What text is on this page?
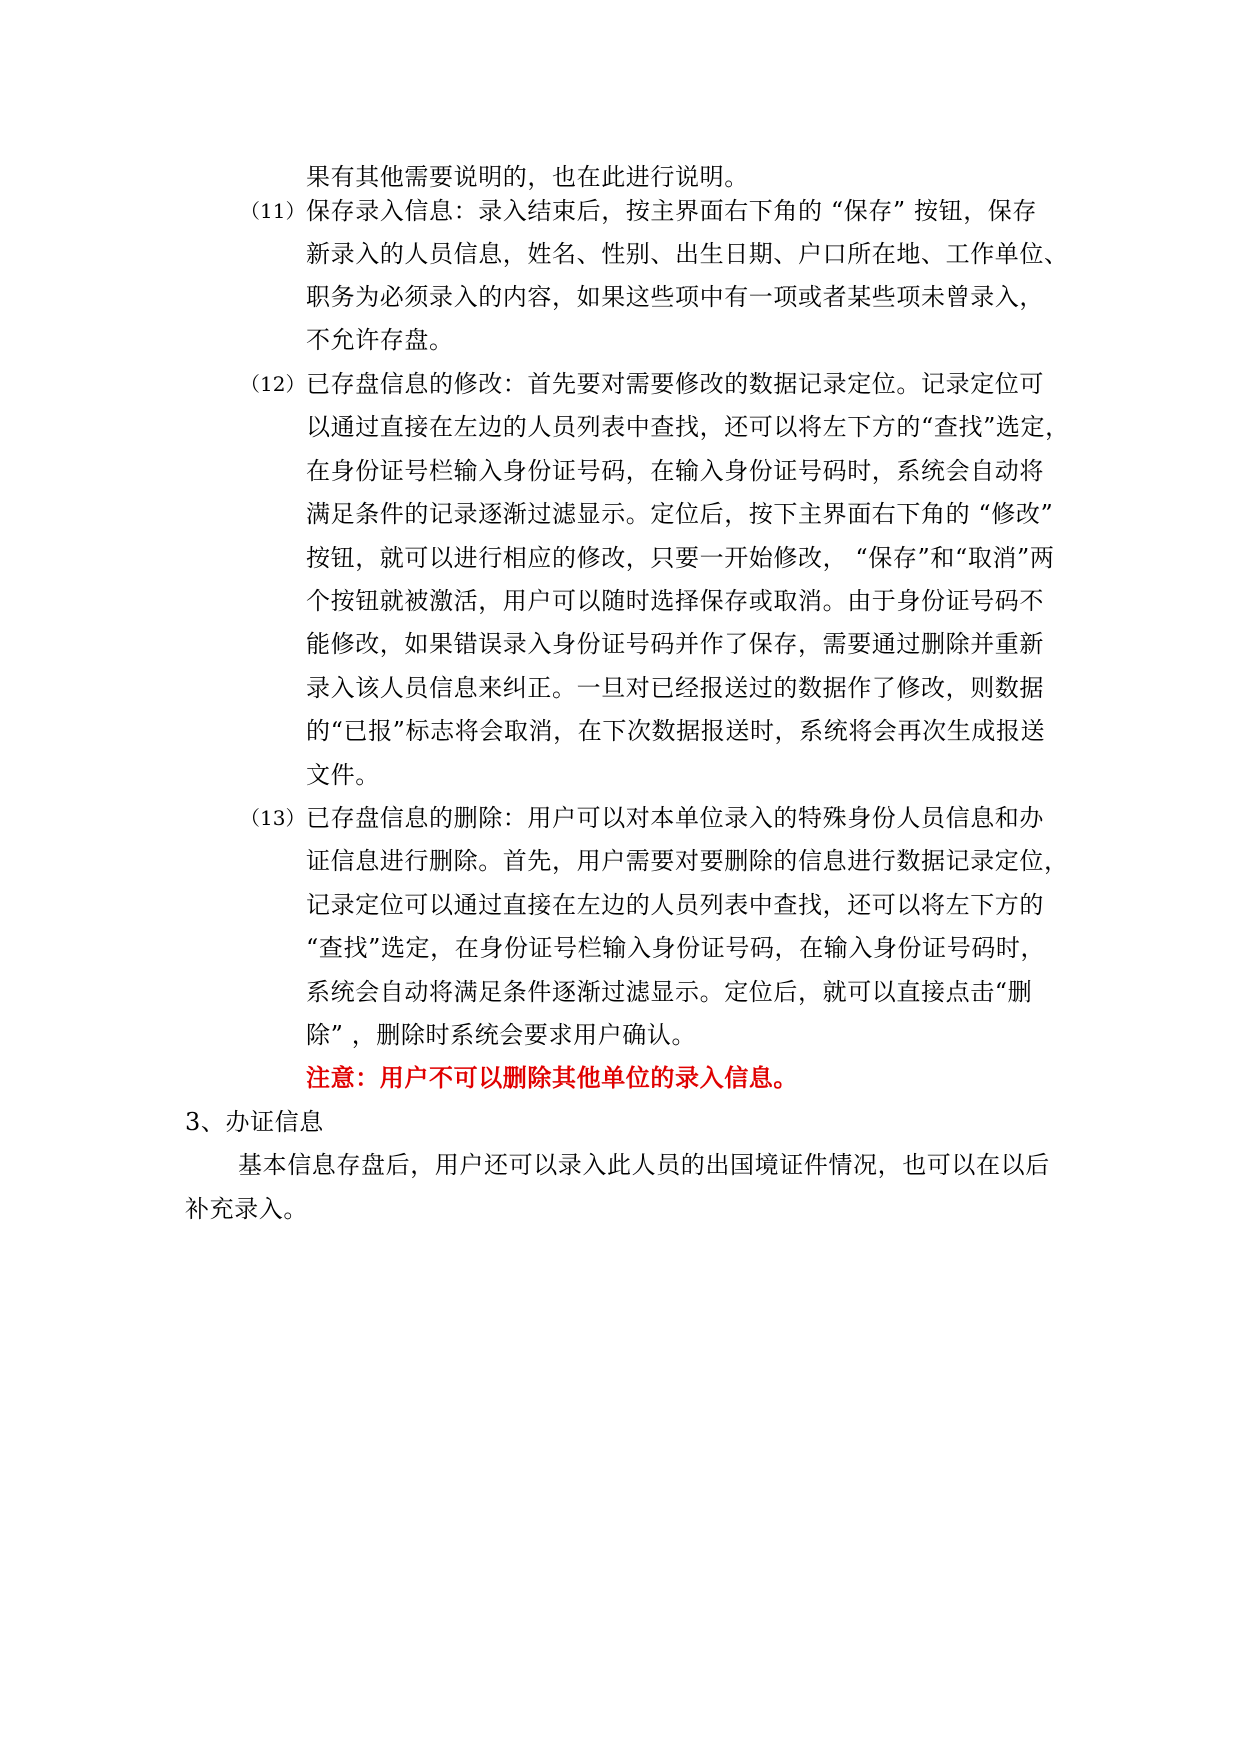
果有其他需要说明的，也在此进行说明。
（11） 保存录入信息：录入结束后，按主界面右下角的 “保存” 按钮，保存
新录入的人员信息，姓名、性别、出生日期、户口所在地、工作单位、
职务为必须录入的内容，如果这些项中有一项或者某些项未曾录入，
不允许存盘。
（12） 已存盘信息的修改：首先要对需要修改的数据记录定位。记录定位可
以通过直接在左边的人员列表中查找，还可以将左下方的“查找”选定，
在身份证号栏输入身份证号码，在输入身份证号码时，系统会自动将
满足条件的记录逐渐过滤显示。定位后，按下主界面右下角的 “修改”
按钮，就可以进行相应的修改，只要一开始修改， “保存”和“取消”两
个按钮就被激活，用户可以随时选择保存或取消。由于身份证号码不
能修改，如果错误录入身份证号码并作了保存，需要通过删除并重新
录入该人员信息来纠正。一旦对已经报送过的数据作了修改，则数据
的“已报”标志将会取消，在下次数据报送时，系统将会再次生成报送
文件。
（13） 已存盘信息的删除：用户可以对本单位录入的特殊身份人员信息和办
证信息进行删除。首先，用户需要对要删除的信息进行数据记录定位，
记录定位可以通过直接在左边的人员列表中查找，还可以将左下方的
“查找”选定，在身份证号栏输入身份证号码，在输入身份证号码时，
系统会自动将满足条件逐渐过滤显示。定位后，就可以直接点击“删
除” ，删除时系统会要求用户确认。
注意：用户不可以删除其他单位的录入信息。
3、办证信息
基本信息存盘后，用户还可以录入此人员的出国境证件情况，也可以在以后
补充录入。
